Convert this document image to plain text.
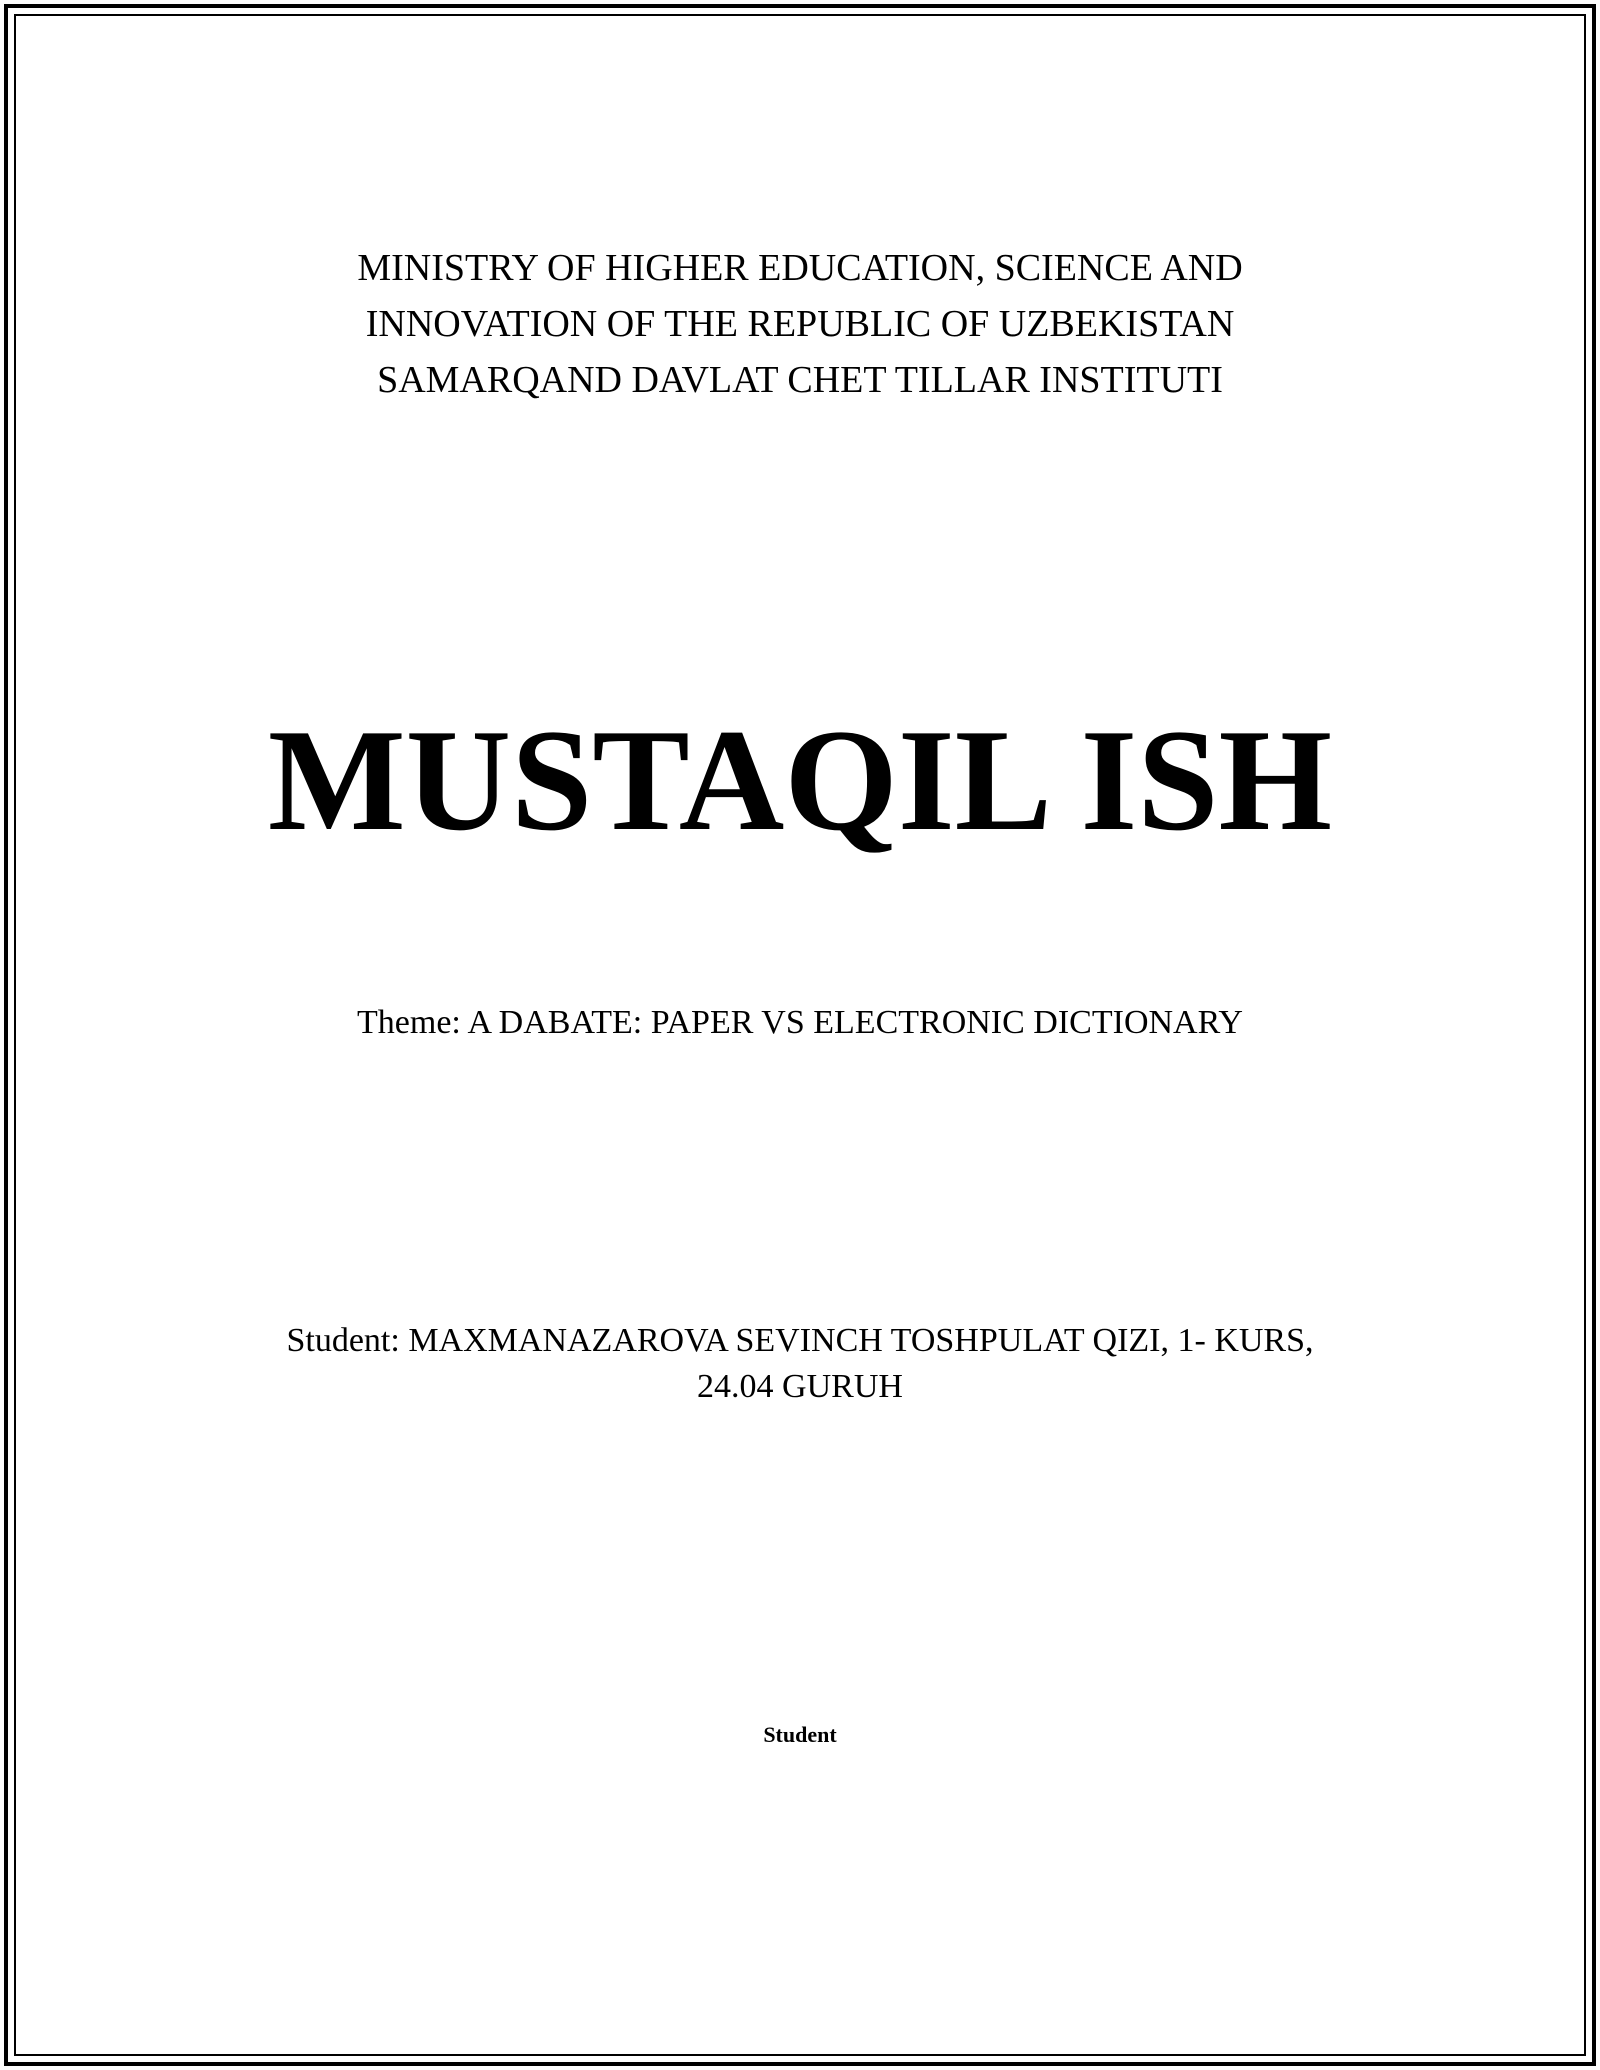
MINISTRY OF HIGHER EDUCATION, SCIENCE AND
INNOVATION OF THE REPUBLIC OF UZBEKISTAN
SAMARQAND DAVLAT CHET TILLAR INSTITUTI
MUSTAQIL ISH
Theme: A DABATE: PAPER VS ELECTRONIC DICTIONARY
Student: MAXMANAZAROVA SEVINCH TOSHPULAT QIZI, 1- KURS,
24.04 GURUH
Student
